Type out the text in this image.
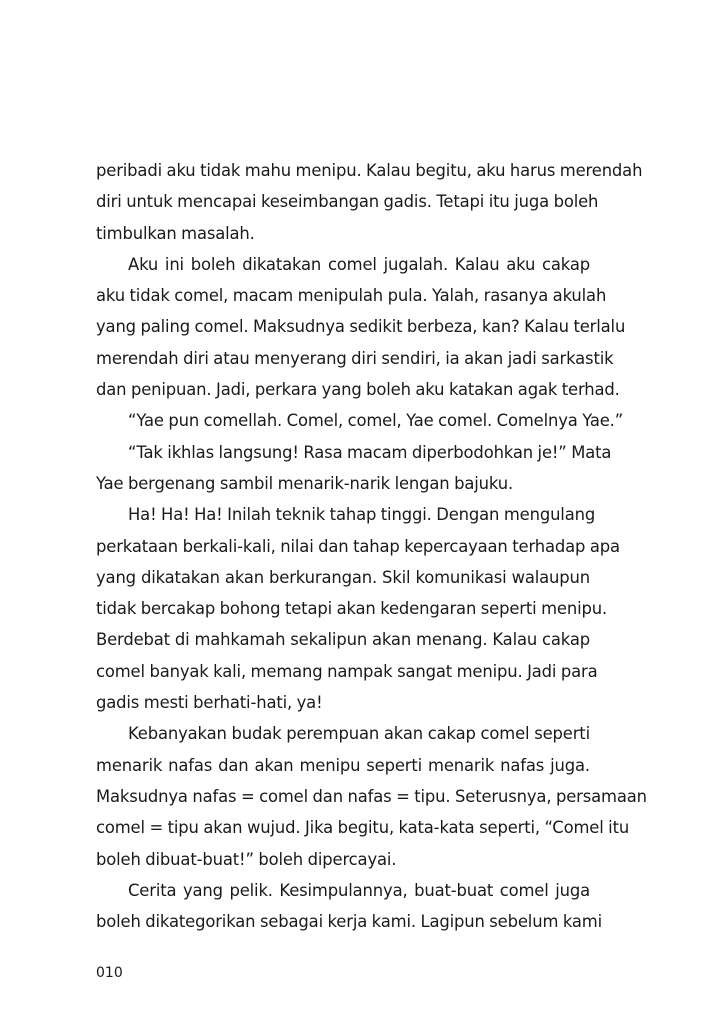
peribadi aku tidak mahu menipu. Kalau begitu, aku harus merendah
diri untuk mencapai keseimbangan gadis. Tetapi itu juga boleh
timbulkan masalah.
Aku ini boleh dikatakan comel jugalah. Kalau aku cakap
aku tidak comel, macam menipulah pula. Yalah, rasanya akulah
yang paling comel. Maksudnya sedikit berbeza, kan? Kalau terlalu
merendah diri atau menyerang diri sendiri, ia akan jadi sarkastik
dan penipuan. Jadi, perkara yang boleh aku katakan agak terhad.
“Yae pun comellah. Comel, comel, Yae comel. Comelnya Yae.”
“Tak ikhlas langsung! Rasa macam diperbodohkan je!” Mata
Yae bergenang sambil menarik-narik lengan bajuku.
Ha! Ha! Ha! Inilah teknik tahap tinggi. Dengan mengulang
perkataan berkali-kali, nilai dan tahap kepercayaan terhadap apa
yang dikatakan akan berkurangan. Skil komunikasi walaupun
tidak bercakap bohong tetapi akan kedengaran seperti menipu.
Berdebat di mahkamah sekalipun akan menang. Kalau cakap
comel banyak kali, memang nampak sangat menipu. Jadi para
gadis mesti berhati-hati, ya!
Kebanyakan budak perempuan akan cakap comel seperti
menarik nafas dan akan menipu seperti menarik nafas juga.
Maksudnya nafas = comel dan nafas = tipu. Seterusnya, persamaan
comel = tipu akan wujud. Jika begitu, kata-kata seperti, “Comel itu
boleh dibuat-buat!” boleh dipercayai.
Cerita yang pelik. Kesimpulannya, buat-buat comel juga
boleh dikategorikan sebagai kerja kami. Lagipun sebelum kami
010
